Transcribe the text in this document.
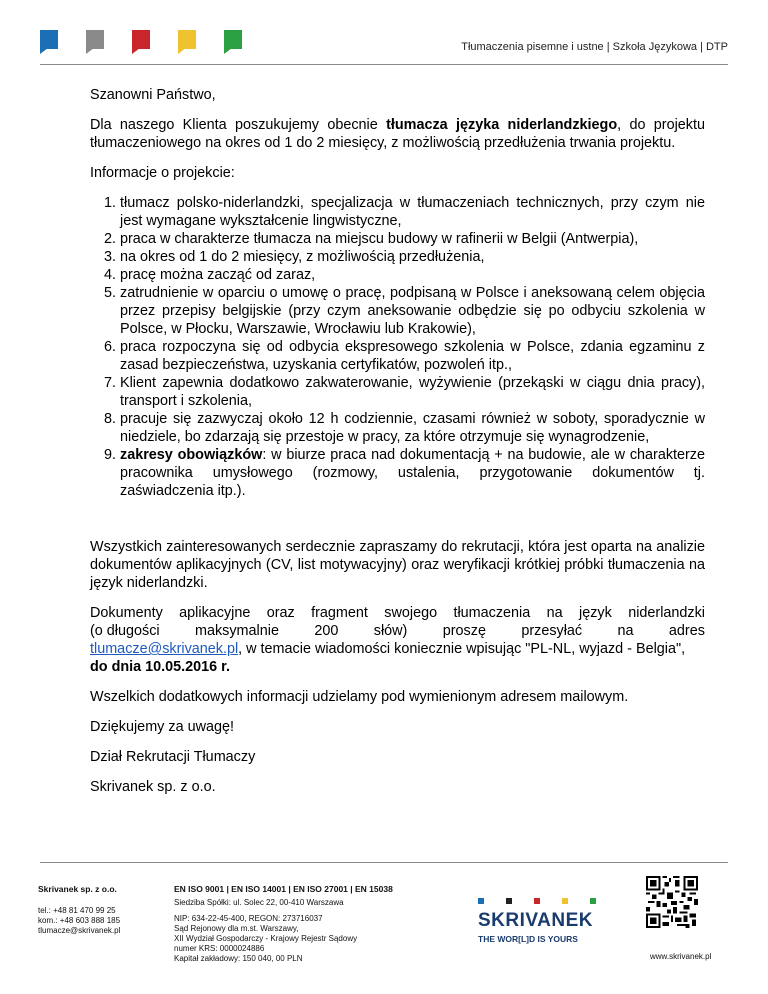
Tłumaczenia pisemne i ustne | Szkoła Językowa | DTP

Szanowni Państwo,

Dla naszego Klienta poszukujemy obecnie tłumacza języka niderlandzkiego, do projektu tłumaczeniowego na okres od 1 do 2 miesięcy, z możliwością przedłużenia trwania projektu.

Informacje o projekcie:

1. tłumacz polsko-niderlandzki, specjalizacja w tłumaczeniach technicznych, przy czym nie jest wymagane wykształcenie lingwistyczne,
2. praca w charakterze tłumacza na miejscu budowy w rafinerii w Belgii (Antwerpia),
3. na okres od 1 do 2 miesięcy, z możliwością przedłużenia,
4. pracę można zacząć od zaraz,
5. zatrudnienie w oparciu o umowę o pracę, podpisaną w Polsce i aneksowaną celem objęcia przez przepisy belgijskie (przy czym aneksowanie odbędzie się po odbyciu szkolenia w Polsce, w Płocku, Warszawie, Wrocławiu lub Krakowie),
6. praca rozpoczyna się od odbycia ekspresowego szkolenia w Polsce, zdania egzaminu z zasad bezpieczeństwa, uzyskania certyfikatów, pozwoleń itp.,
7. Klient zapewnia dodatkowo zakwaterowanie, wyżywienie (przekąski w ciągu dnia pracy), transport i szkolenia,
8. pracuje się zazwyczaj około 12 h codziennie, czasami również w soboty, sporadycznie w niedziele, bo zdarzają się przestoje w pracy, za które otrzymuje się wynagrodzenie,
9. zakresy obowiązków: w biurze praca nad dokumentacją + na budowie, ale w charakterze pracownika umysłowego (rozmowy, ustalenia, przygotowanie dokumentów tj. zaświadczenia itp.).

Wszystkich zainteresowanych serdecznie zapraszamy do rekrutacji, która jest oparta na analizie dokumentów aplikacyjnych (CV, list motywacyjny) oraz weryfikacji krótkiej próbki tłumaczenia na język niderlandzki.

Dokumenty aplikacyjne oraz fragment swojego tłumaczenia na język niderlandzki
(o długości maksymalnie 200 słów) proszę przesyłać na adres
tlumacze@skrivanek.pl, w temacie wiadomości koniecznie wpisując "PL-NL, wyjazd - Belgia", do dnia 10.05.2016 r.

Wszelkich dodatkowych informacji udzielamy pod wymienionym adresem mailowym.

Dziękujemy za uwagę!

Dział Rekrutacji Tłumaczy

Skrivanek sp. z o.o.

Skrivanek sp. z o.o.
tel.: +48 81 470 99 25
kom.: +48 603 888 185
tlumacze@skrivanek.pl
EN ISO 9001 | EN ISO 14001 | EN ISO 27001 | EN 15038
Siedziba Spółki: ul. Solec 22, 00-410 Warszawa
NIP: 634-22-45-400, REGON: 273716037
Sąd Rejonowy dla m.st. Warszawy,
XII Wydział Gospodarczy - Krajowy Rejestr Sądowy
numer KRS: 0000024886
Kapitał zakładowy: 150 040, 00 PLN
SKRIVANEK
THE WOR[L]D IS YOURS
www.skrivanek.pl
